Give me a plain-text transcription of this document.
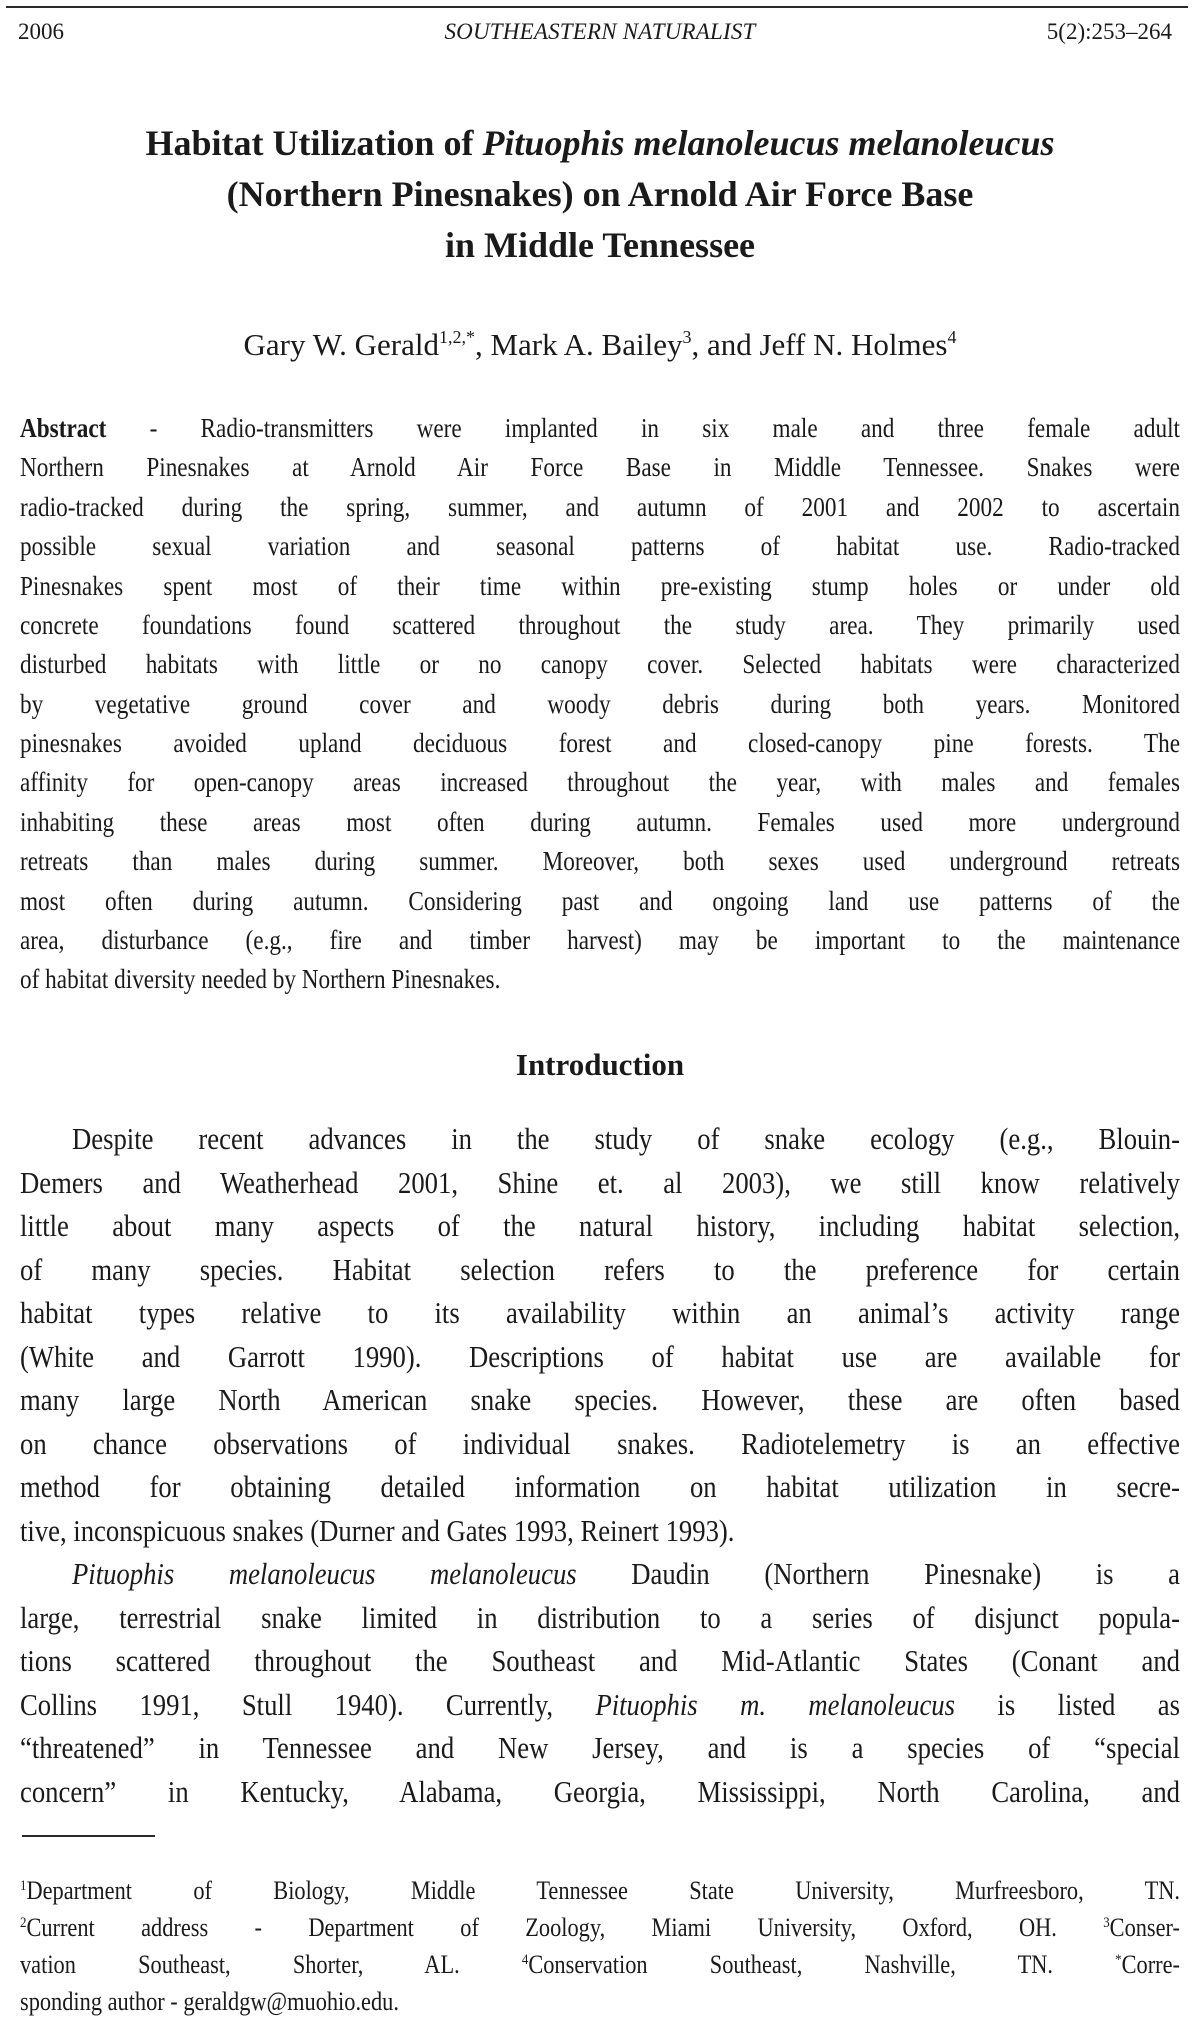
2006	SOUTHEASTERN NATURALIST	5(2):253–264
Habitat Utilization of Pituophis melanoleucus melanoleucus
(Northern Pinesnakes) on Arnold Air Force Base
in Middle Tennessee
Gary W. Gerald$^{1,2,*}$, Mark A. Bailey$^3$, and Jeff N. Holmes$^4$
Abstract - Radio-transmitters were implanted in six male and three female adult
Northern Pinesnakes at Arnold Air Force Base in Middle Tennessee. Snakes were
radio-tracked during the spring, summer, and autumn of 2001 and 2002 to ascertain
possible sexual variation and seasonal patterns of habitat use. Radio-tracked
Pinesnakes spent most of their time within pre-existing stump holes or under old
concrete foundations found scattered throughout the study area. They primarily used
disturbed habitats with little or no canopy cover. Selected habitats were characterized
by vegetative ground cover and woody debris during both years. Monitored
pinesnakes avoided upland deciduous forest and closed-canopy pine forests. The
affinity for open-canopy areas increased throughout the year, with males and females
inhabiting these areas most often during autumn. Females used more underground
retreats than males during summer. Moreover, both sexes used underground retreats
most often during autumn. Considering past and ongoing land use patterns of the
area, disturbance (e.g., fire and timber harvest) may be important to the maintenance
of habitat diversity needed by Northern Pinesnakes.
Introduction
Despite recent advances in the study of snake ecology (e.g., Blouin-
Demers and Weatherhead 2001, Shine et. al 2003), we still know relatively
little about many aspects of the natural history, including habitat selection,
of many species. Habitat selection refers to the preference for certain
habitat types relative to its availability within an animal’s activity range
(White and Garrott 1990). Descriptions of habitat use are available for
many large North American snake species. However, these are often based
on chance observations of individual snakes. Radiotelemetry is an effective
method for obtaining detailed information on habitat utilization in secre-
tive, inconspicuous snakes (Durner and Gates 1993, Reinert 1993).
Pituophis melanoleucus melanoleucus Daudin (Northern Pinesnake) is a
large, terrestrial snake limited in distribution to a series of disjunct popula-
tions scattered throughout the Southeast and Mid-Atlantic States (Conant and
Collins 1991, Stull 1940). Currently, Pituophis m. melanoleucus is listed as
“threatened” in Tennessee and New Jersey, and is a species of “special
concern” in Kentucky, Alabama, Georgia, Mississippi, North Carolina, and
$^1$Department of Biology, Middle Tennessee State University, Murfreesboro, TN.
$^2$Current address - Department of Zoology, Miami University, Oxford, OH. $^3$Conser-
vation Southeast, Shorter, AL. $^4$Conservation Southeast, Nashville, TN. *Corre-
sponding author - geraldgw@muohio.edu.
